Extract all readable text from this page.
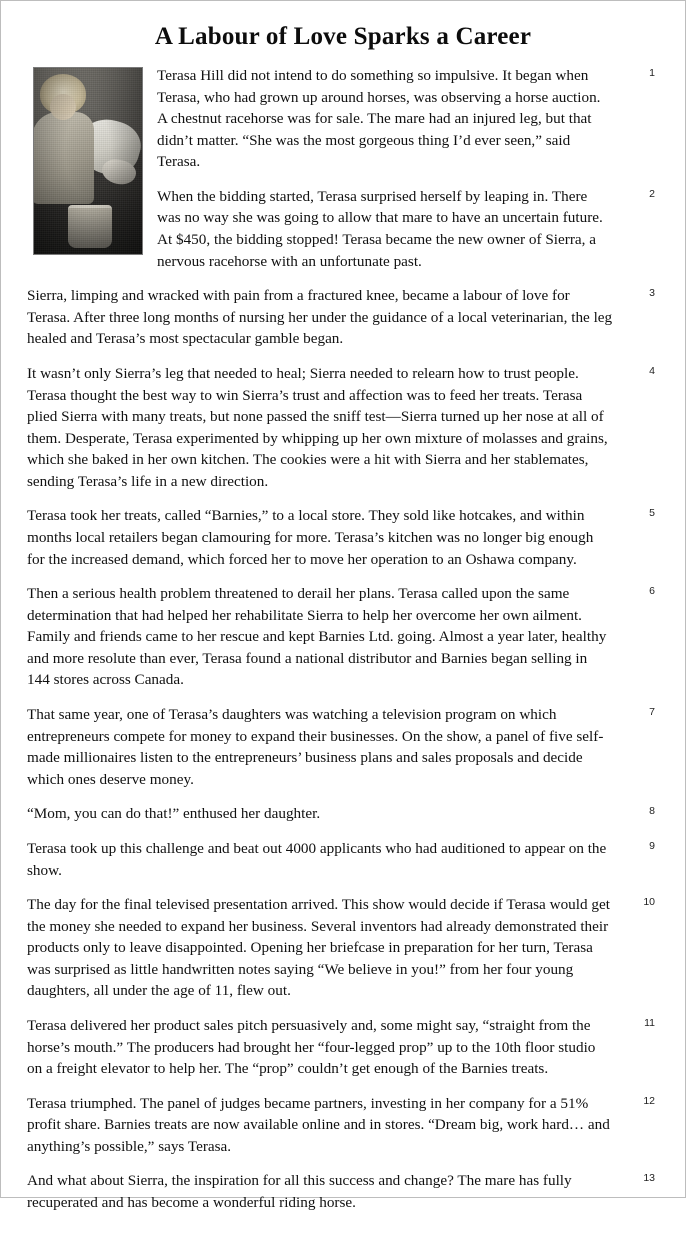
A Labour of Love Sparks a Career
1

Terasa Hill did not intend to do something so impulsive. It began when Terasa, who had grown up around horses, was observing a horse auction. A chestnut racehorse was for sale. The mare had an injured leg, but that didn’t matter. “She was the most gorgeous thing I’d ever seen,” said Terasa.

2

When the bidding started, Terasa surprised herself by leaping in. There was no way she was going to allow that mare to have an uncertain future. At $450, the bidding stopped! Terasa became the new owner of Sierra, a nervous racehorse with an unfortunate past.

3

Sierra, limping and wracked with pain from a fractured knee, became a labour of love for Terasa. After three long months of nursing her under the guidance of a local veterinarian, the leg healed and Terasa’s most spectacular gamble began.

4

It wasn’t only Sierra’s leg that needed to heal; Sierra needed to relearn how to trust people. Terasa thought the best way to win Sierra’s trust and affection was to feed her treats. Terasa plied Sierra with many treats, but none passed the sniff test—Sierra turned up her nose at all of them. Desperate, Terasa experimented by whipping up her own mixture of molasses and grains, which she baked in her own kitchen. The cookies were a hit with Sierra and her stablemates, sending Terasa’s life in a new direction.

5

Terasa took her treats, called “Barnies,” to a local store. They sold like hotcakes, and within months local retailers began clamouring for more. Terasa’s kitchen was no longer big enough for the increased demand, which forced her to move her operation to an Oshawa company.

6

Then a serious health problem threatened to derail her plans. Terasa called upon the same determination that had helped her rehabilitate Sierra to help her overcome her own ailment. Family and friends came to her rescue and kept Barnies Ltd. going. Almost a year later, healthy and more resolute than ever, Terasa found a national distributor and Barnies began selling in 144 stores across Canada.

7

That same year, one of Terasa’s daughters was watching a television program on which entrepreneurs compete for money to expand their businesses. On the show, a panel of five self-made millionaires listen to the entrepreneurs’ business plans and sales proposals and decide which ones deserve money.

8

“Mom, you can do that!” enthused her daughter.

9

Terasa took up this challenge and beat out 4000 applicants who had auditioned to appear on the show.

10

The day for the final televised presentation arrived. This show would decide if Terasa would get the money she needed to expand her business. Several inventors had already demonstrated their products only to leave disappointed. Opening her briefcase in preparation for her turn, Terasa was surprised as little handwritten notes saying “We believe in you!” from her four young daughters, all under the age of 11, flew out.

11

Terasa delivered her product sales pitch persuasively and, some might say, “straight from the horse’s mouth.” The producers had brought her “four-legged prop” up to the 10th floor studio on a freight elevator to help her. The “prop” couldn’t get enough of the Barnies treats.

12

Terasa triumphed. The panel of judges became partners, investing in her company for a 51% profit share. Barnies treats are now available online and in stores. “Dream big, work hard… and anything’s possible,” says Terasa.

13

And what about Sierra, the inspiration for all this success and change? The mare has fully recuperated and has become a wonderful riding horse.
